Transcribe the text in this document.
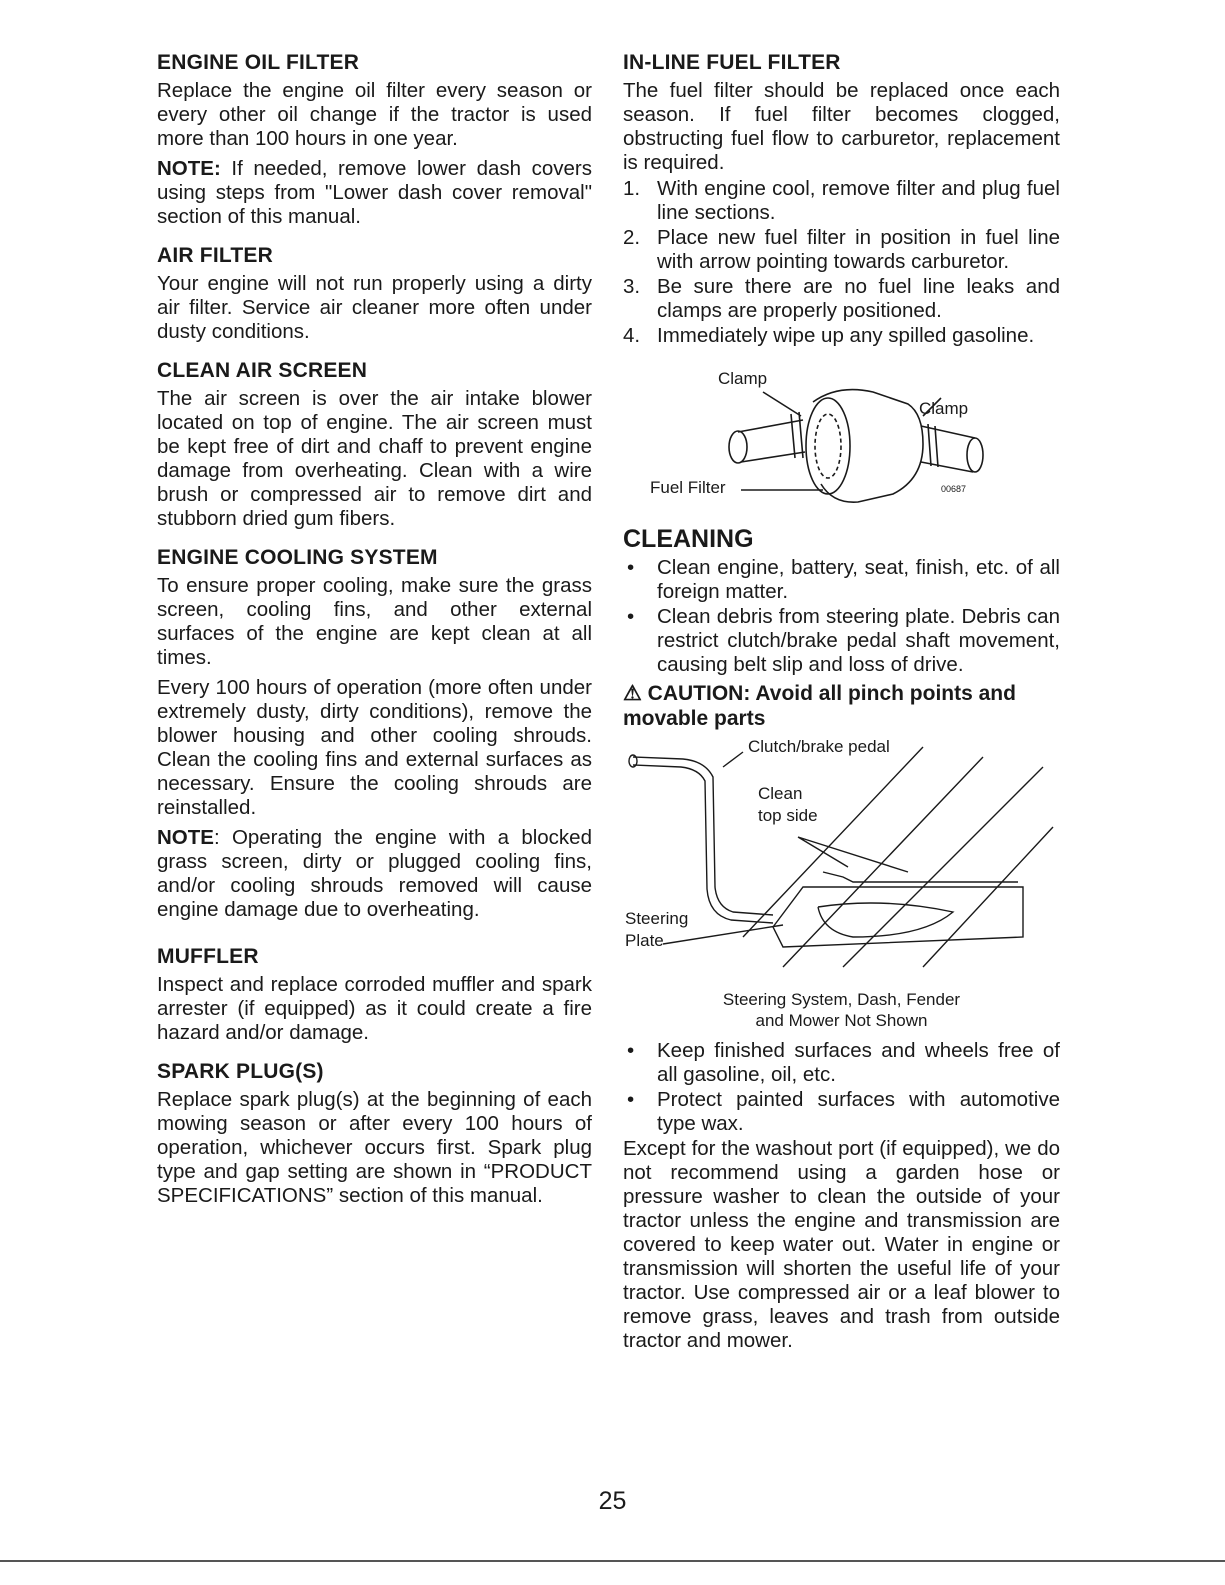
ENGINE OIL FILTER

Replace the engine oil filter every season or every other oil change if the tractor is used more than 100 hours in one year.

NOTE: If needed, remove lower dash covers using steps from "Lower dash cover removal" section of this manual.

AIR FILTER

Your engine will not run properly using a dirty air filter. Service air cleaner more often under dusty conditions.

CLEAN AIR SCREEN

The air screen is over the air intake blower located on top of engine. The air screen must be kept free of dirt and chaff to prevent engine damage from overheating. Clean with a wire brush or compressed air to remove dirt and stubborn dried gum fibers.

ENGINE COOLING SYSTEM

To ensure proper cooling, make sure the grass screen, cooling fins, and other external surfaces of the engine are kept clean at all times.

Every 100 hours of operation (more often under extremely dusty, dirty conditions), remove the blower housing and other cooling shrouds. Clean the cooling fins and external surfaces as necessary. Ensure the cooling shrouds are reinstalled.

NOTE: Operating the engine with a blocked grass screen, dirty or plugged cooling fins, and/or cooling shrouds removed will cause engine damage due to overheating.

MUFFLER

Inspect and replace corroded muffler and spark arrester (if equipped) as it could create a fire hazard and/or damage.

SPARK PLUG(S)

Replace spark plug(s) at the beginning of each mowing season or after every 100 hours of operation, whichever occurs first. Spark plug type and gap setting are shown in “PRODUCT SPECIFICATIONS” section of this manual.

IN-LINE FUEL FILTER

The fuel filter should be replaced once each season. If fuel filter becomes clogged, obstructing fuel flow to carburetor, replacement is required.

1. With engine cool, remove filter and plug fuel line sections.
2. Place new fuel filter in position in fuel line with arrow pointing towards carburetor.
3. Be sure there are no fuel line leaks and clamps are properly positioned.
4. Immediately wipe up any spilled gasoline.
Clamp
Clamp
Fuel Filter	00687
CLEANING
• Clean engine, battery, seat, finish, etc. of all foreign matter.
• Clean debris from steering plate. Debris can restrict clutch/brake pedal shaft movement, causing belt slip and loss of drive.
⚠ CAUTION: Avoid all pinch points and movable parts
Clutch/brake pedal
Clean
top side
Steering
Plate
Steering System, Dash, Fender
and Mower Not Shown
• Keep finished surfaces and wheels free of all gasoline, oil, etc.
• Protect painted surfaces with automotive type wax.

Except for the washout port (if equipped), we do not recommend using a garden hose or pressure washer to clean the outside of your tractor unless the engine and transmission are covered to keep water out. Water in engine or transmission will shorten the useful life of your tractor. Use compressed air or a leaf blower to remove grass, leaves and trash from outside tractor and mower.

25
